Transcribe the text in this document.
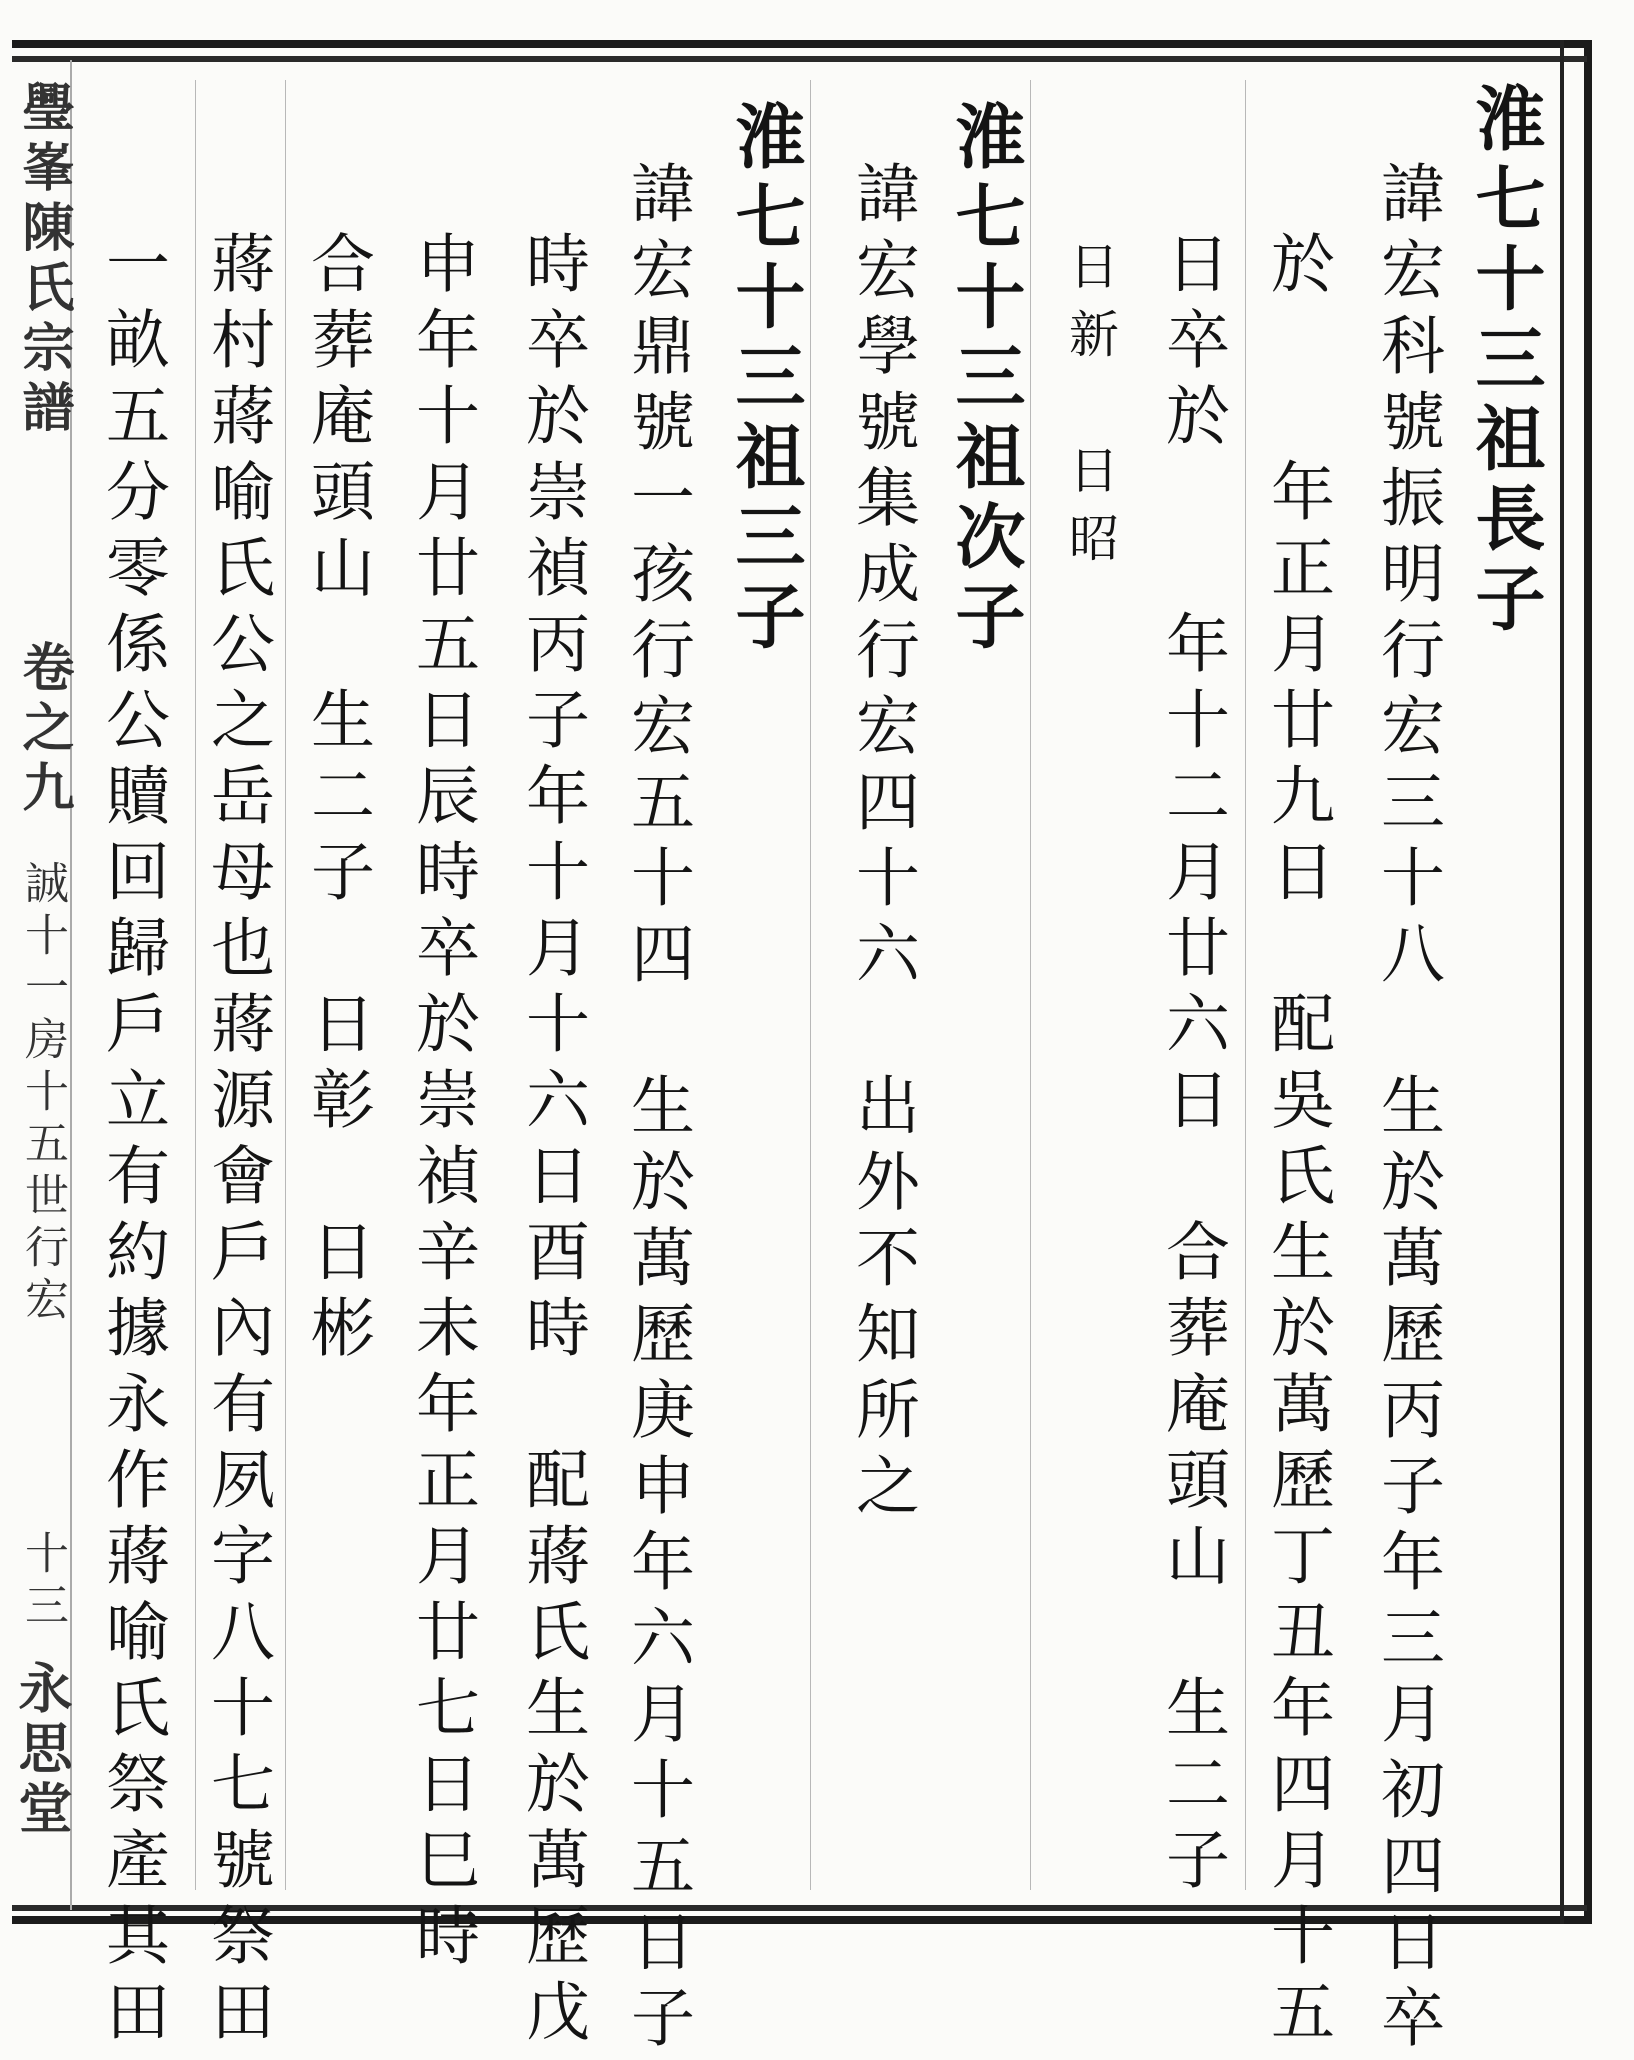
淮七十三祖長子
諱宏科號振明行宏三十八　生於萬歷丙子年三月初四日卒
於　　年正月廿九日　配吳氏生於萬歷丁丑年四月十五
日卒於　　年十二月廿六日　合葬庵頭山　生二子
日新　日昭
淮七十三祖次子
諱宏學號集成行宏四十六　出外不知所之
淮七十三祖三子
諱宏鼎號一孩行宏五十四　生於萬歷庚申年六月十五日子
時卒於崇禎丙子年十月十六日酉時　配蔣氏生於萬歷戊
申年十月廿五日辰時卒於崇禎辛未年正月廿七日巳時
合葬庵頭山　生二子　日彰　日彬
蔣村蔣喻氏公之岳母也蔣源會戶內有夙字八十七號祭田
一畝五分零係公贖回歸戶立有約據永作蔣喻氏祭產其田
璺峯陳氏宗譜
卷之九
誠十一房十五世行宏
十三
永思堂
